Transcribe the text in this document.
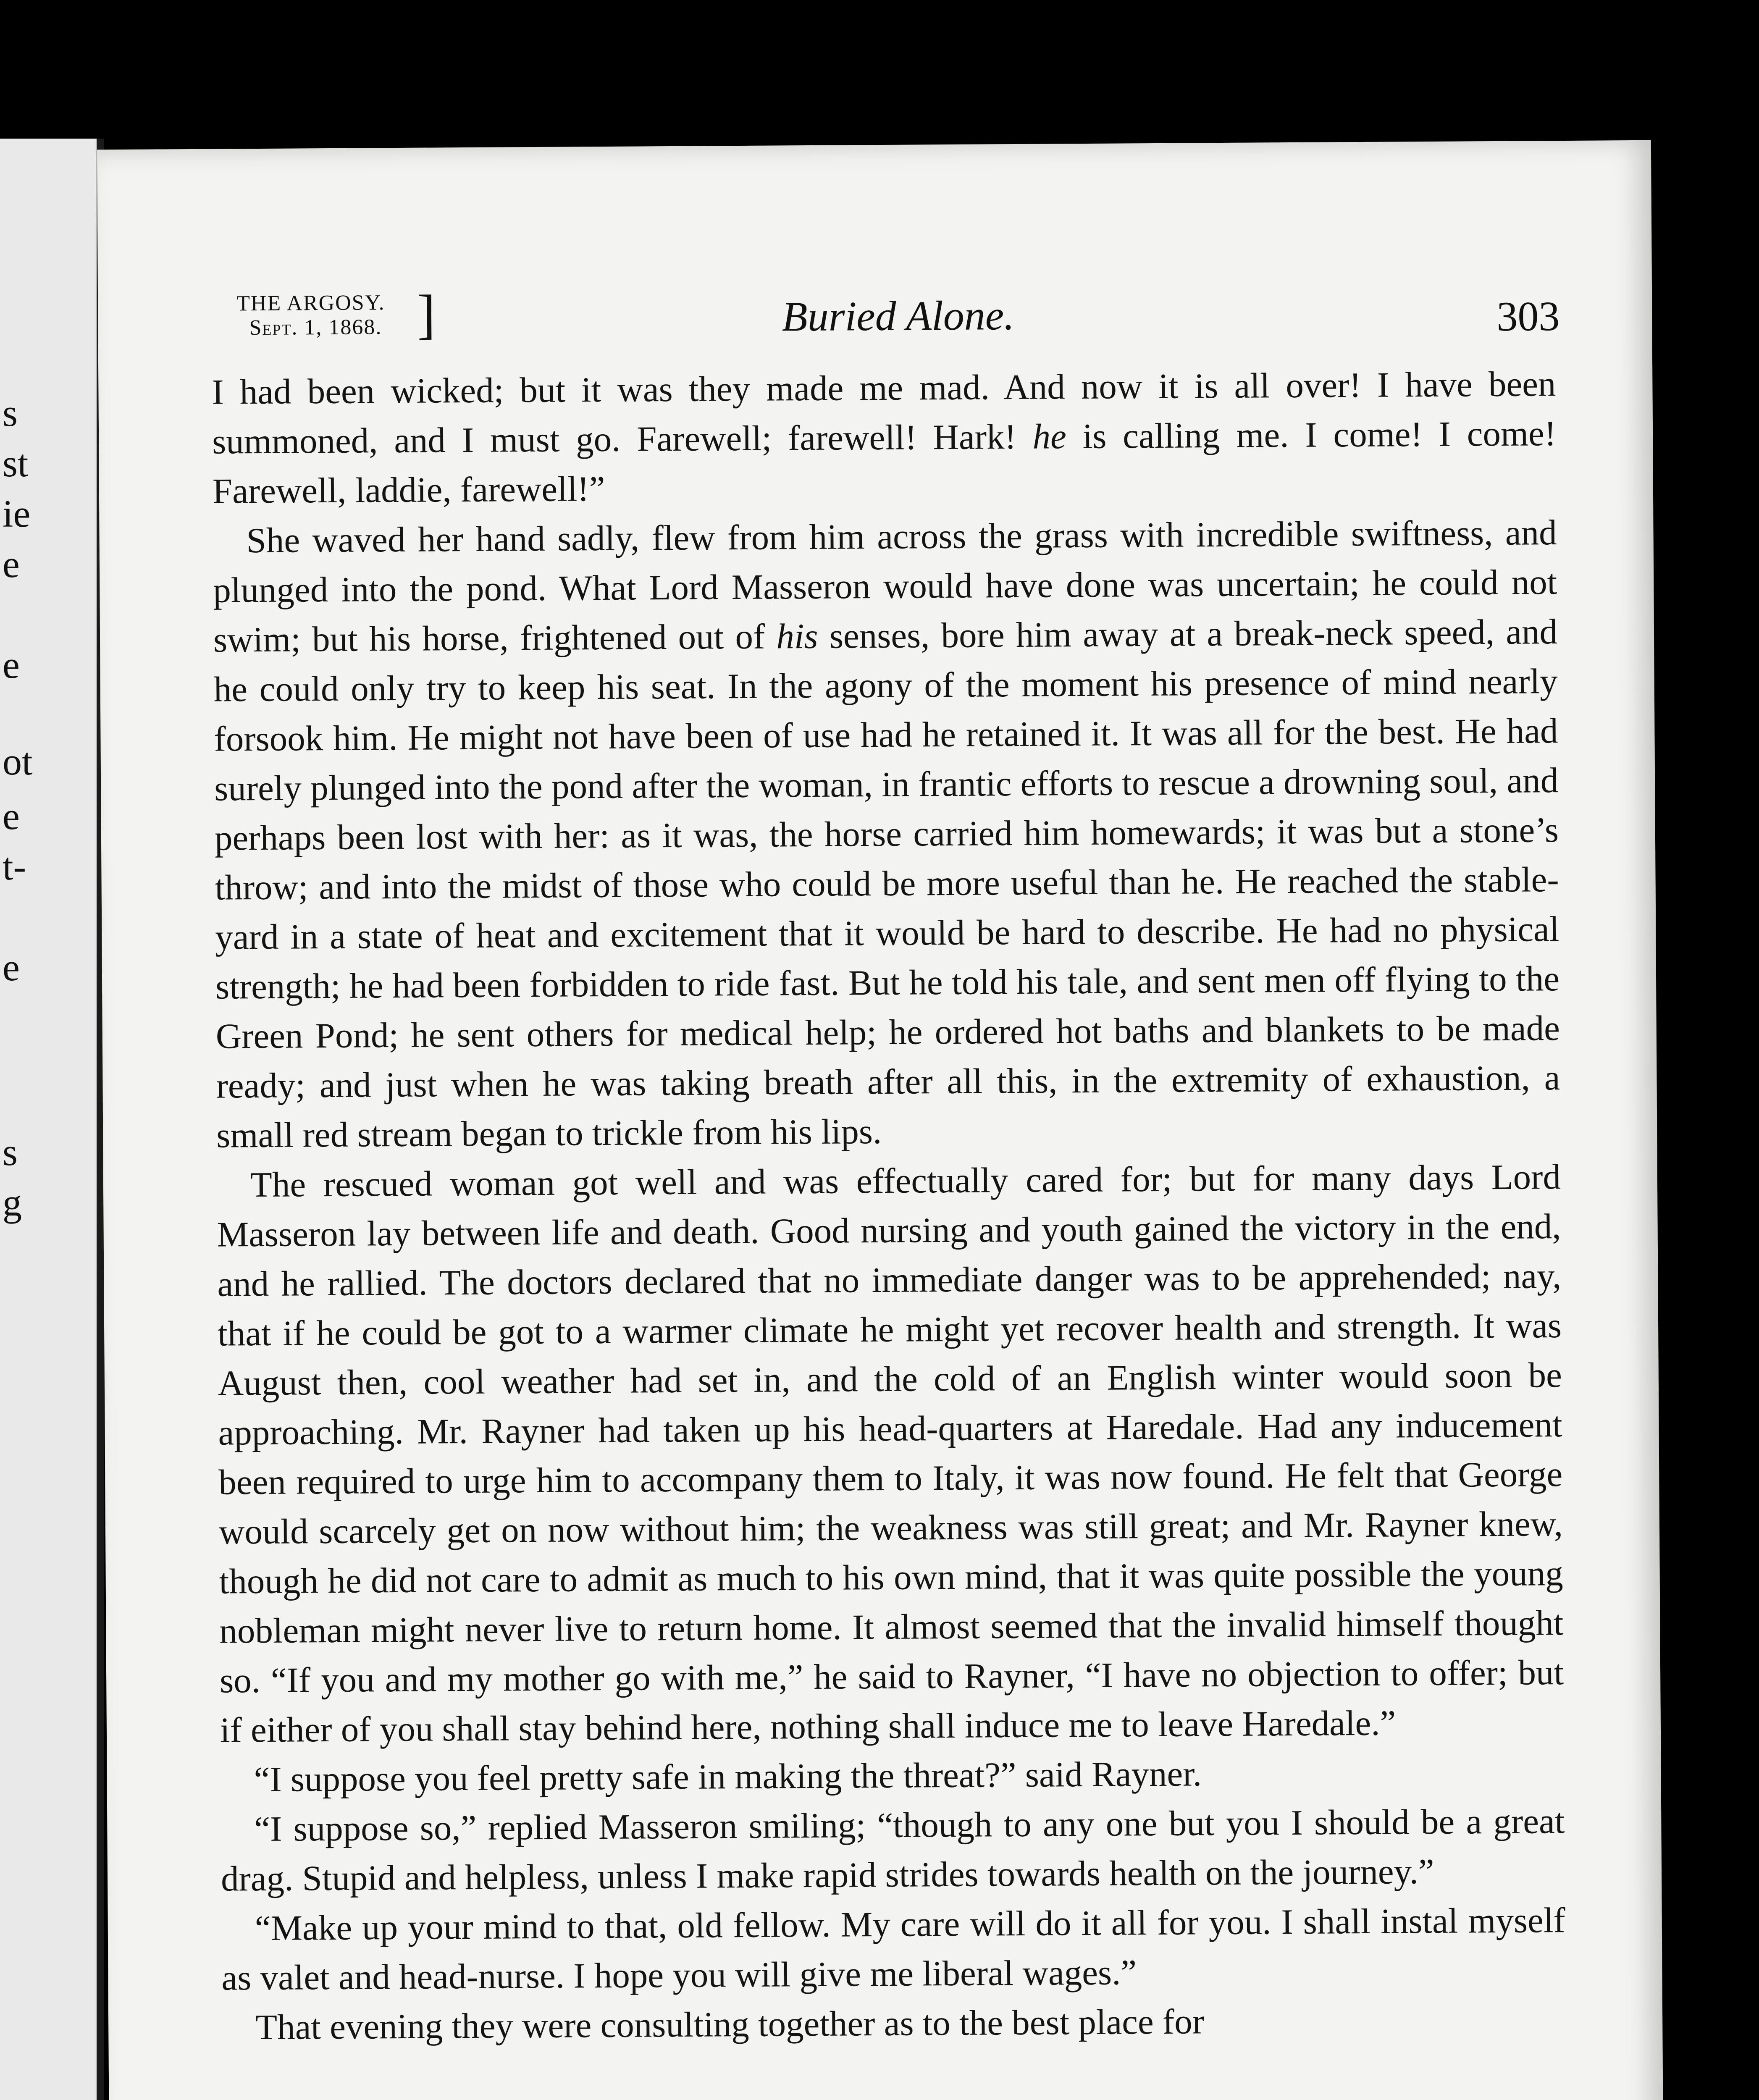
s
st
ie
e
e
ot
e
t-
e
s
g
THE ARGOSY.
Sept. 1, 1868. ]	Buried Alone.	303

I had been wicked; but it was they made me mad. And now it is all over! I have been summoned, and I must go. Farewell; farewell! Hark! he is calling me. I come! I come! Farewell, laddie, farewell!”

She waved her hand sadly, flew from him across the grass with incredible swiftness, and plunged into the pond. What Lord Masseron would have done was uncertain; he could not swim; but his horse, frightened out of his senses, bore him away at a break-neck speed, and he could only try to keep his seat. In the agony of the moment his presence of mind nearly forsook him. He might not have been of use had he retained it. It was all for the best. He had surely plunged into the pond after the woman, in frantic efforts to rescue a drowning soul, and perhaps been lost with her: as it was, the horse carried him homewards; it was but a stone’s throw; and into the midst of those who could be more useful than he. He reached the stable-yard in a state of heat and excitement that it would be hard to describe. He had no physical strength; he had been forbidden to ride fast. But he told his tale, and sent men off flying to the Green Pond; he sent others for medical help; he ordered hot baths and blankets to be made ready; and just when he was taking breath after all this, in the extremity of exhaustion, a small red stream began to trickle from his lips.

The rescued woman got well and was effectually cared for; but for many days Lord Masseron lay between life and death. Good nursing and youth gained the victory in the end, and he rallied. The doctors declared that no immediate danger was to be apprehended; nay, that if he could be got to a warmer climate he might yet recover health and strength. It was August then, cool weather had set in, and the cold of an English winter would soon be approaching. Mr. Rayner had taken up his head-quarters at Haredale. Had any inducement been required to urge him to accompany them to Italy, it was now found. He felt that George would scarcely get on now without him; the weakness was still great; and Mr. Rayner knew, though he did not care to admit as much to his own mind, that it was quite possible the young nobleman might never live to return home. It almost seemed that the invalid himself thought so. “If you and my mother go with me,” he said to Rayner, “I have no objection to offer; but if either of you shall stay behind here, nothing shall induce me to leave Haredale.”

“I suppose you feel pretty safe in making the threat?” said Rayner.

“I suppose so,” replied Masseron smiling; “though to any one but you I should be a great drag. Stupid and helpless, unless I make rapid strides towards health on the journey.”

“Make up your mind to that, old fellow. My care will do it all for you. I shall instal myself as valet and head-nurse. I hope you will give me liberal wages.”

That evening they were consulting together as to the best place for
